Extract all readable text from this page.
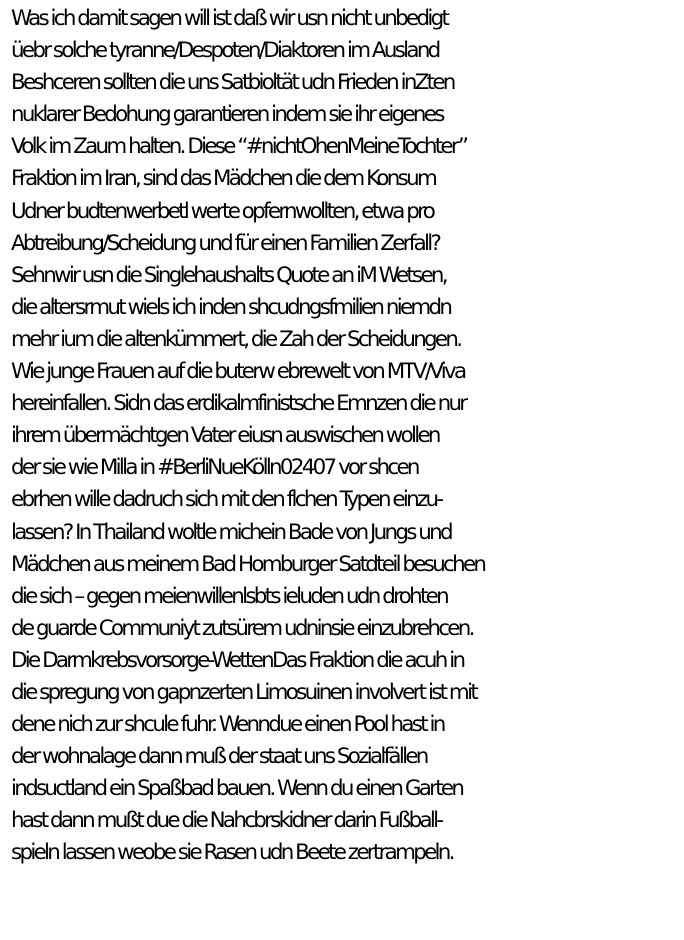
Was ich damit sagen will ist daß wir usn nicht unbedigt
üebr solche tyranne/Despoten/Diaktoren im Ausland
Beshceren sollten die uns Satbioltät udn Frieden inZten
nuklarer Bedohung garantieren indem sie ihr eigenes
Volk im Zaum halten. Diese “#nichtOhenMeineTochter”
Fraktion im Iran, sind das Mädchen die dem Konsum
Udner budtenwerbetl werte opfernwollten, etwa pro
Abtreibung/Scheidung und für einen Familien Zerfall?
Sehnwir usn die Singlehaushalts Quote an iM Wetsen,
die altersrmut wiels ich inden shcudngsfmilien niemdn
mehr ium die altenkümmert, die Zah der Scheidungen.
Wie junge Frauen auf die buterw ebrewelt von MTV/Viva
hereinfallen. Sidn das erdikalmfinistsche Emnzen die nur
ihrem übermächtgen Vater eiusn auswischen wollen
der sie wie Milla in #BerliNueKölln02407 vor shcen
ebrhen wille dadruch sich mit den flchen Typen einzu-
lassen? In Thailand woltle michein Bade von Jungs und
Mädchen aus meinem Bad Homburger Satdteil besuchen
die sich – gegen meienwillenlsbts ieluden udn drohten
de guarde Communiyt zutsürem udninsie einzubrehcen.
Die Darmkrebsvorsorge-WettenDas Fraktion die acuh in
die spregung von gapnzerten Limosuinen involvert ist mit
dene nich zur shcule fuhr. Wenndue einen Pool hast in
der wohnalage dann muß der staat uns Sozialfällen
indsuctland ein Spaßbad bauen. Wenn du einen Garten
hast dann mußt due die Nahcbrskidner darin Fußball-
spieln lassen weobe sie Rasen udn Beete zertrampeln.
